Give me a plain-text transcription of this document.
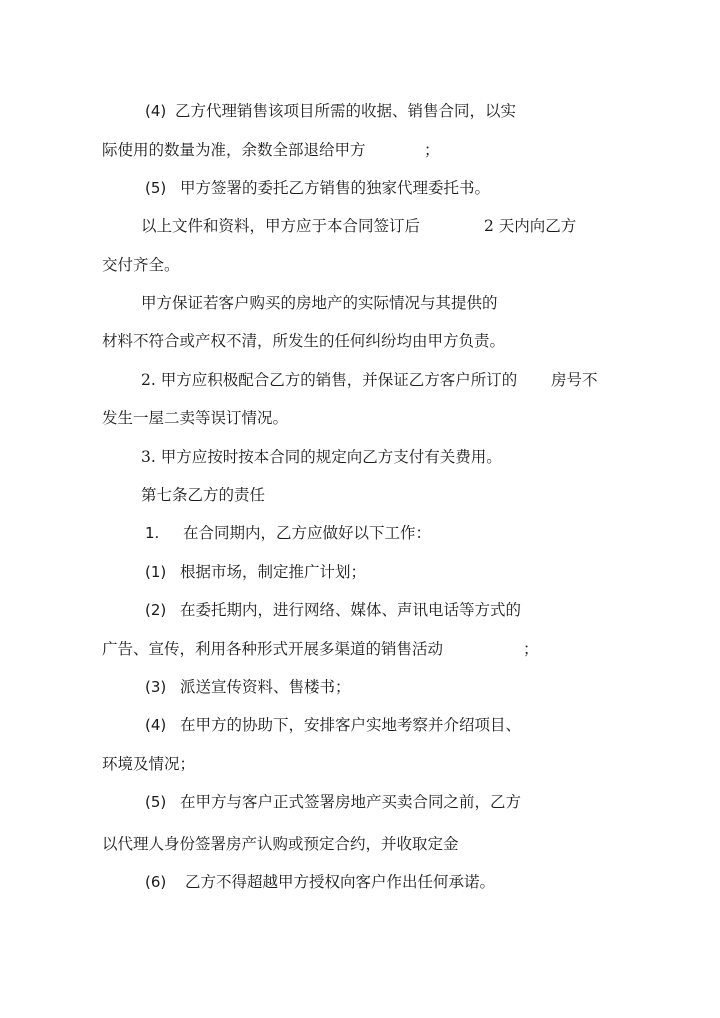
(4) 乙方代理销售该项目所需的收据、销售合同，以实
际使用的数量为准，余数全部退给甲方	；
(5) 甲方签署的委托乙方销售的独家代理委托书。
以上文件和资料，甲方应于本合同签订后	2 天内向乙方
交付齐全。
甲方保证若客户购买的房地产的实际情况与其提供的
材料不符合或产权不清，所发生的任何纠纷均由甲方负责。
2. 甲方应积极配合乙方的销售，并保证乙方客户所订的 房号不
发生一屋二卖等误订情况。
3. 甲方应按时按本合同的规定向乙方支付有关费用。
第七条乙方的责任
1. 在合同期内，乙方应做好以下工作：
(1) 根据市场，制定推广计划；
(2) 在委托期内，进行网络、媒体、声讯电话等方式的
广告、宣传，利用各种形式开展多渠道的销售活动	；
(3) 派送宣传资料、售楼书；
(4) 在甲方的协助下，安排客户实地考察并介绍项目、
环境及情况；
(5) 在甲方与客户正式签署房地产买卖合同之前，乙方
以代理人身份签署房产认购或预定合约，并收取定金
(6) 乙方不得超越甲方授权向客户作出任何承诺。
